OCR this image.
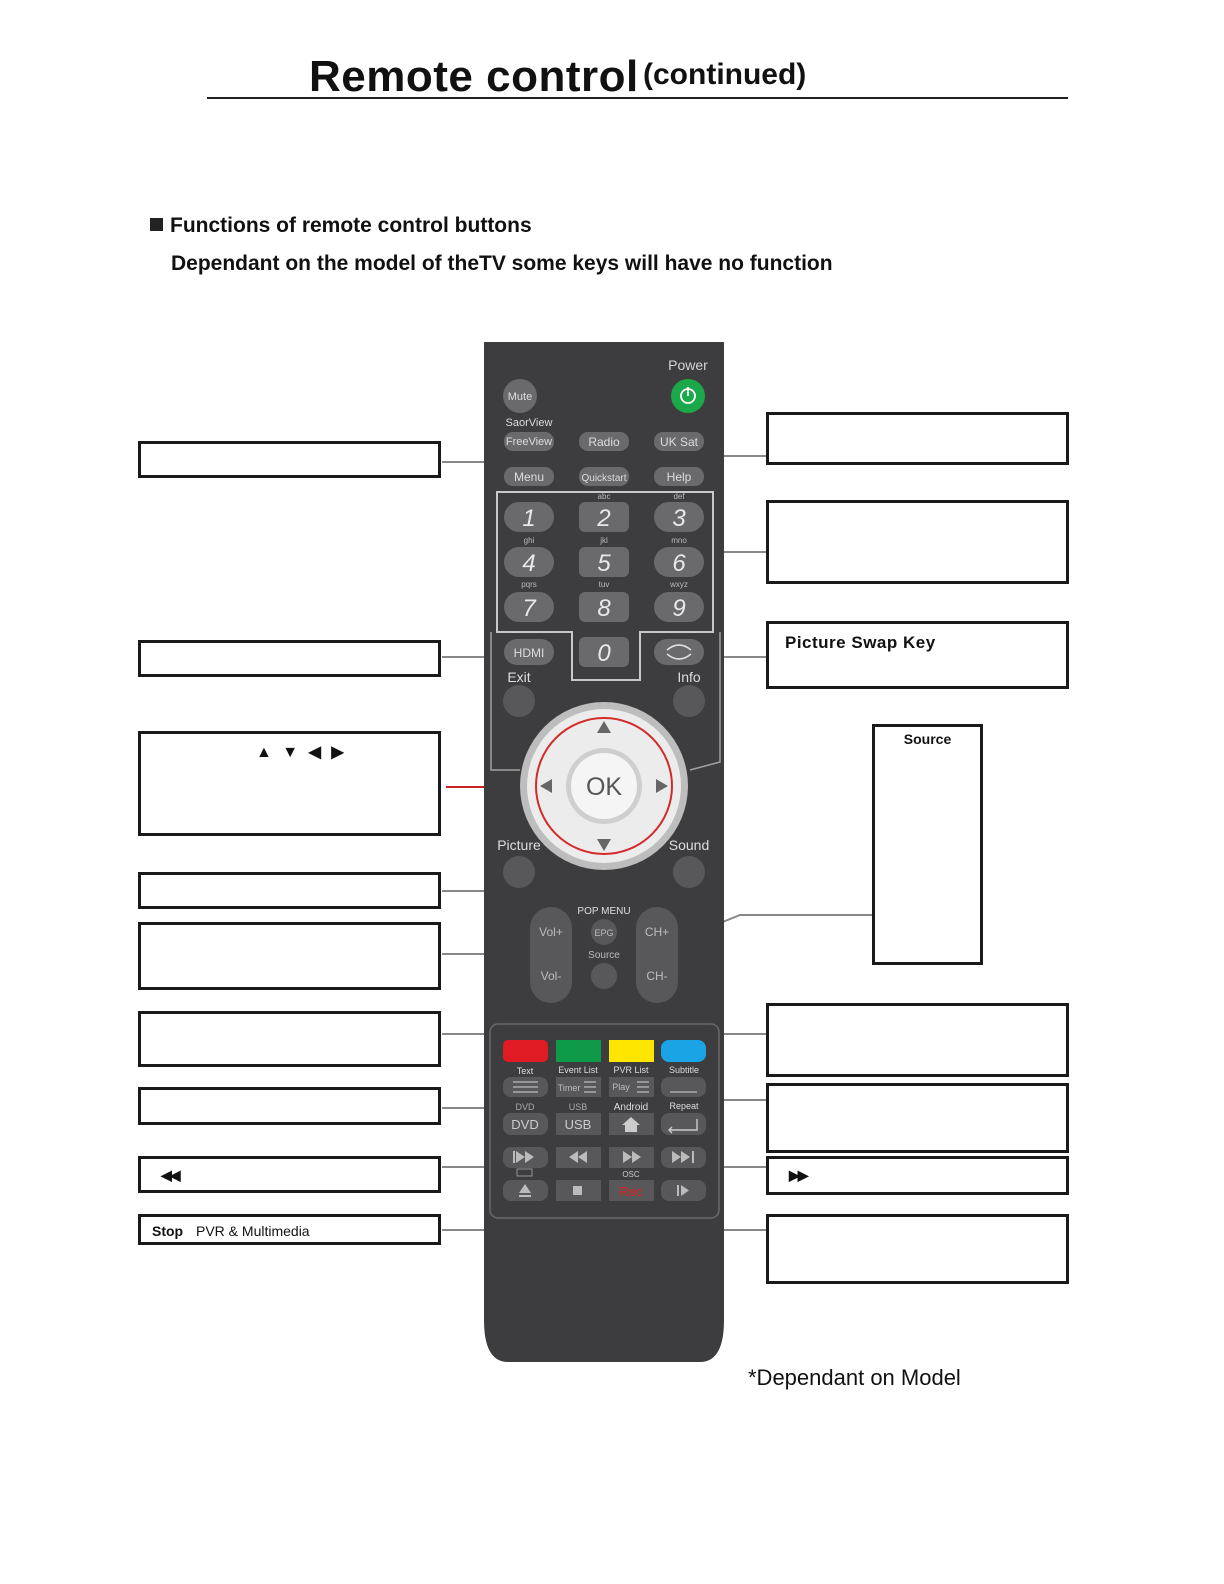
Remote control (continued)
Functions of remote control buttons
Dependant on the model of theTV some keys will have no function
Power
Mute
SaorView
FreeView	Radio	UK Sat
Menu	Quickstart	Help
1	2	3
abc	def
ghi	jkl	mno
4	5	6
pqrs	tuv	wxyz
7	8	9
0
HDMI
Exit	Info
OK
Picture	Sound
Vol+
Vol-
CH+
CH-
POP MENU
EPG
Source
Text	Event List PVR List Subtitle
Timer	Play
DVD	USB	Android Repeat
DVD USB
OSC
Rec
▲ ▼ ◀ ▶
◀◀
Stop PVR & Multimedia
Picture Swap Key
Source
▶▶
*Dependant on Model
